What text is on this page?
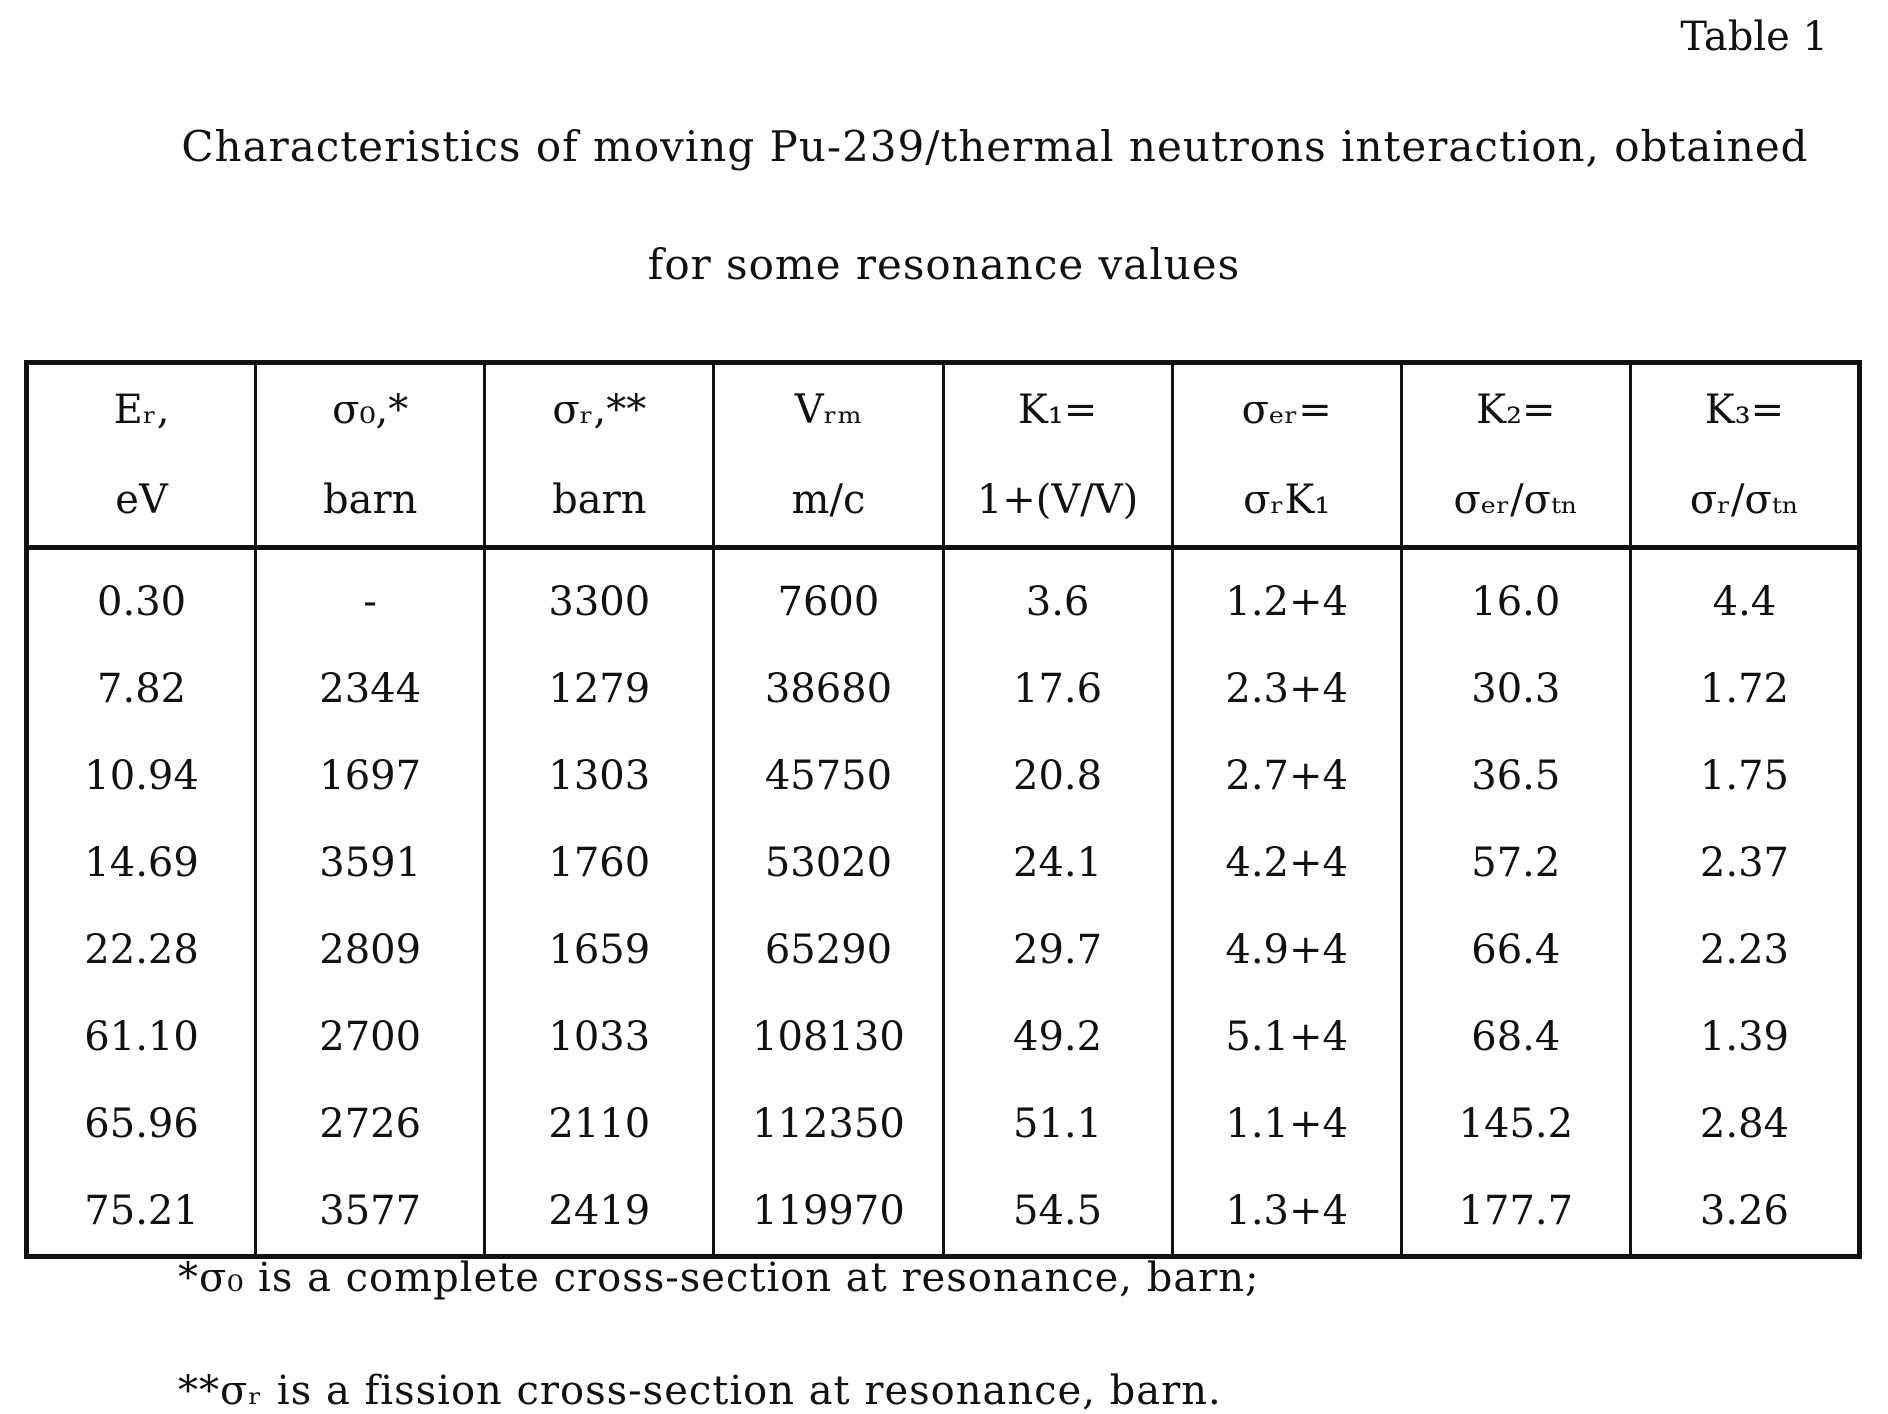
Table 1
Characteristics of moving Pu-239/thermal neutrons interaction, obtained
for some resonance values
Eᵣ,	σ₀,*	σᵣ,**	Vᵣₘ	K₁=	σₑᵣ=	K₂=	K₃=
eV	barn	barn	m/c	1+(V/V)	σᵣK₁	σₑᵣ/σₜₙ	σᵣ/σₜₙ
0.30	-	3300	7600	3.6	1.2+4	16.0	4.4
7.82	2344	1279	38680	17.6	2.3+4	30.3	1.72
10.94	1697	1303	45750	20.8	2.7+4	36.5	1.75
14.69	3591	1760	53020	24.1	4.2+4	57.2	2.37
22.28	2809	1659	65290	29.7	4.9+4	66.4	2.23
61.10	2700	1033	108130	49.2	5.1+4	68.4	1.39
65.96	2726	2110	112350	51.1	1.1+4	145.2	2.84
75.21	3577	2419	119970	54.5	1.3+4	177.7	3.26
*σ₀ is a complete cross-section at resonance, barn;
**σᵣ is a fission cross-section at resonance, barn.
